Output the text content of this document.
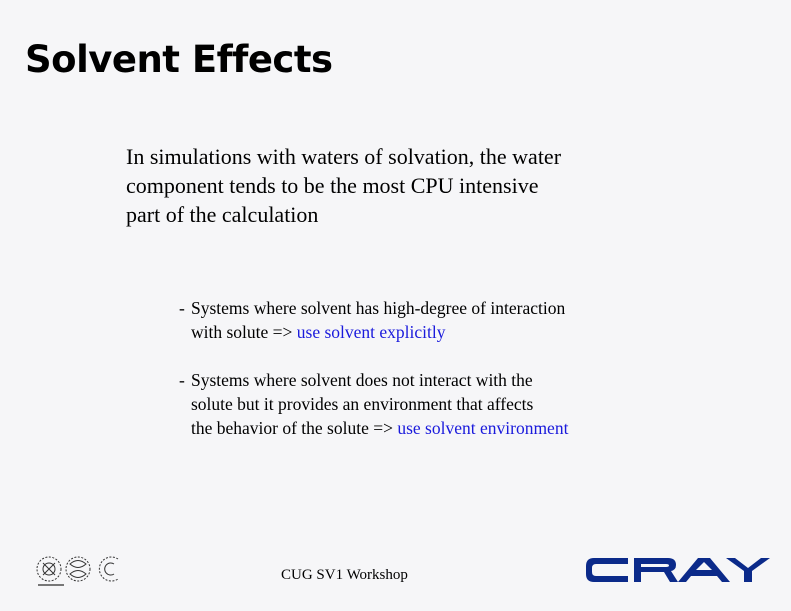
Solvent Effects
In simulations with waters of solvation, the water
component tends to be the most CPU intensive
part of the calculation
- Systems where solvent has high-degree of interaction
with solute => use solvent explicitly
- Systems where solvent does not interact with the
solute but it provides an environment that affects
the behavior of the solute => use solvent environment
CUG SV1 Workshop
